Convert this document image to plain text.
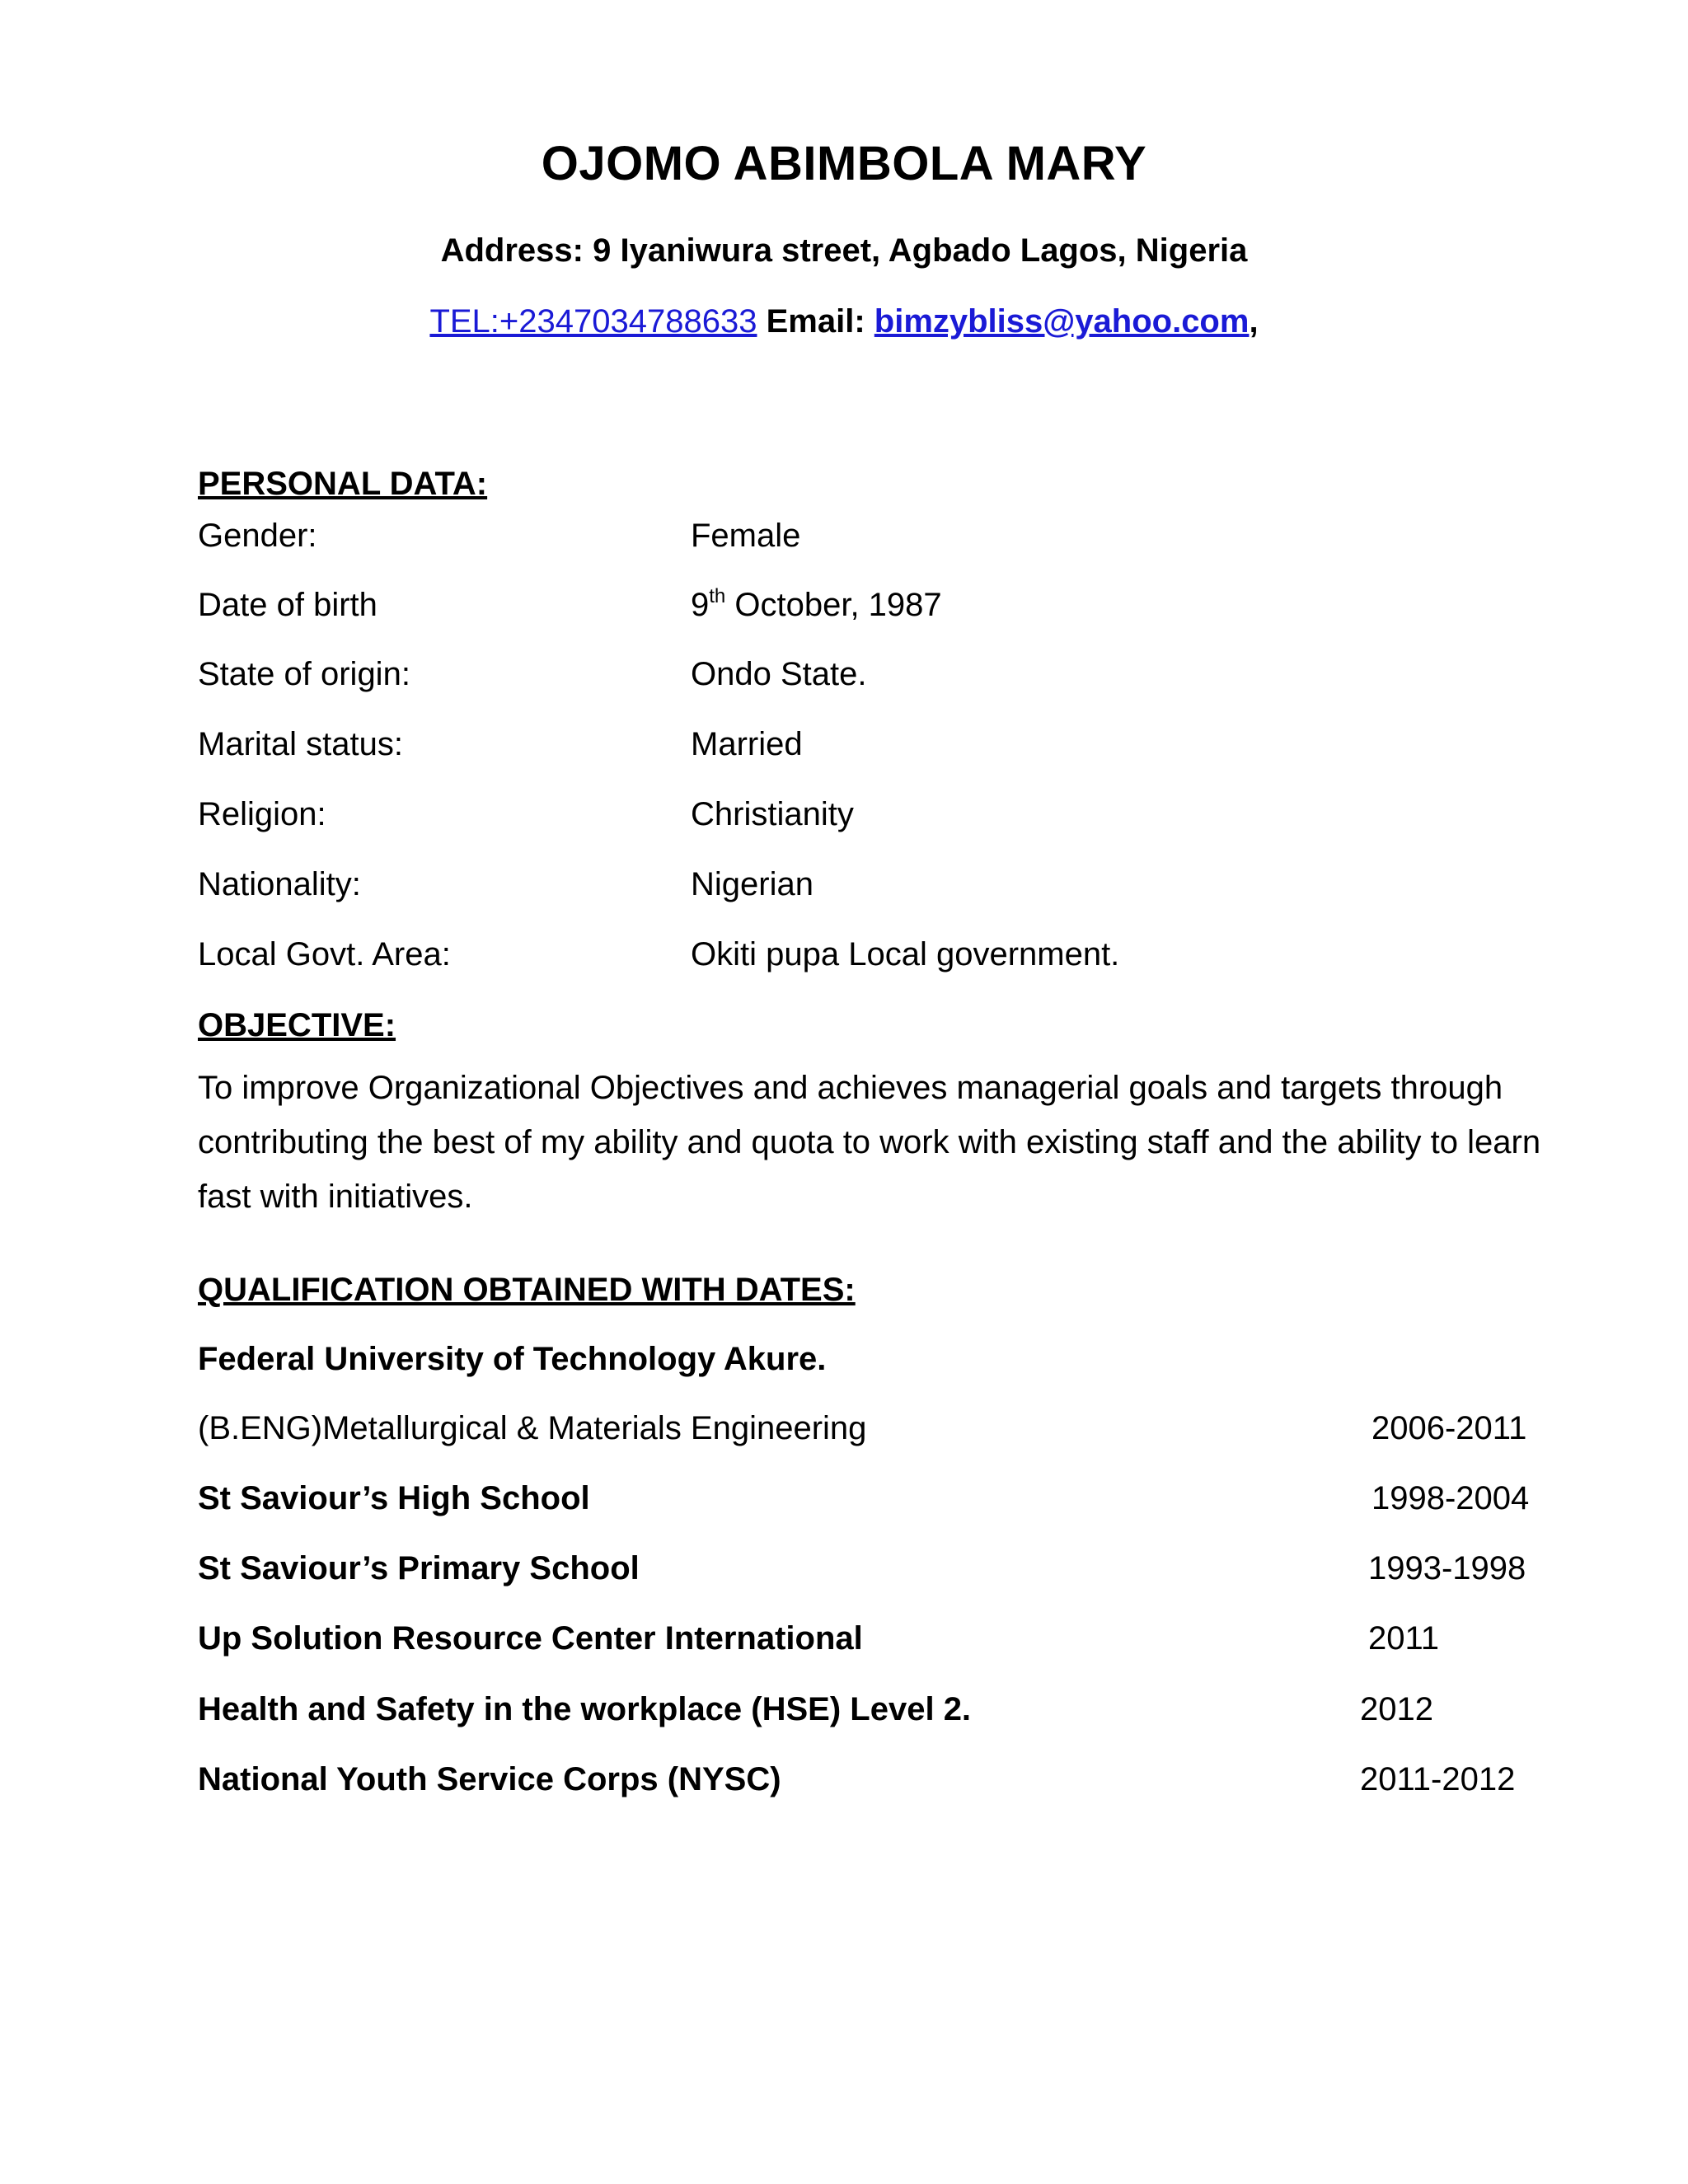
OJOMO ABIMBOLA MARY
Address: 9 Iyaniwura street, Agbado Lagos, Nigeria
TEL:+2347034788633 Email: bimzybliss@yahoo.com,
PERSONAL DATA:
Gender:	Female
Date of birth	9th October, 1987
State of origin:	Ondo State.
Marital status:	Married
Religion:	Christianity
Nationality:	Nigerian
Local Govt. Area:	Okiti pupa Local government.
OBJECTIVE:
To improve Organizational Objectives and achieves managerial goals and targets through contributing the best of my ability and quota to work with existing staff and the ability to learn fast with initiatives.
QUALIFICATION OBTAINED WITH DATES:
Federal University of Technology Akure.
(B.ENG)Metallurgical & Materials Engineering	2006-2011
St Saviour’s High School	1998-2004
St Saviour’s Primary School	1993-1998
Up Solution Resource Center International	2011
Health and Safety in the workplace (HSE) Level 2.	2012
National Youth Service Corps (NYSC)	2011-2012
